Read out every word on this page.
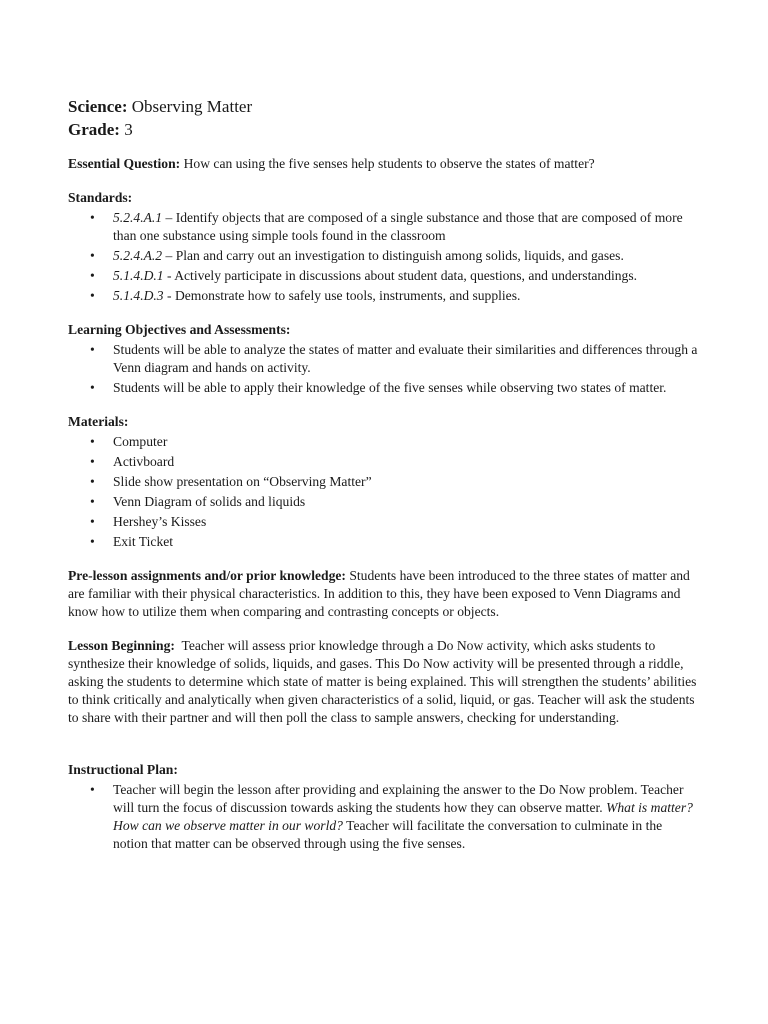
Science: Observing Matter
Grade: 3

Essential Question: How can using the five senses help students to observe the states of matter?

Standards:
• 5.2.4.A.1 – Identify objects that are composed of a single substance and those that are composed of more than one substance using simple tools found in the classroom
• 5.2.4.A.2 – Plan and carry out an investigation to distinguish among solids, liquids, and gases.
• 5.1.4.D.1 - Actively participate in discussions about student data, questions, and understandings.
• 5.1.4.D.3 - Demonstrate how to safely use tools, instruments, and supplies.
Learning Objectives and Assessments:
• Students will be able to analyze the states of matter and evaluate their similarities and differences through a Venn diagram and hands on activity.
• Students will be able to apply their knowledge of the five senses while observing two states of matter.
Materials:
• Computer
• Activboard
• Slide show presentation on “Observing Matter”
• Venn Diagram of solids and liquids
• Hershey’s Kisses
• Exit Ticket

Pre-lesson assignments and/or prior knowledge: Students have been introduced to the three states of matter and are familiar with their physical characteristics. In addition to this, they have been exposed to Venn Diagrams and know how to utilize them when comparing and contrasting concepts or objects.

Lesson Beginning: Teacher will assess prior knowledge through a Do Now activity, which asks students to synthesize their knowledge of solids, liquids, and gases. This Do Now activity will be presented through a riddle, asking the students to determine which state of matter is being explained. This will strengthen the students’ abilities to think critically and analytically when given characteristics of a solid, liquid, or gas. Teacher will ask the students to share with their partner and will then poll the class to sample answers, checking for understanding.

Instructional Plan:
• Teacher will begin the lesson after providing and explaining the answer to the Do Now problem. Teacher will turn the focus of discussion towards asking the students how they can observe matter. What is matter? How can we observe matter in our world? Teacher will facilitate the conversation to culminate in the notion that matter can be observed through using the five senses.
